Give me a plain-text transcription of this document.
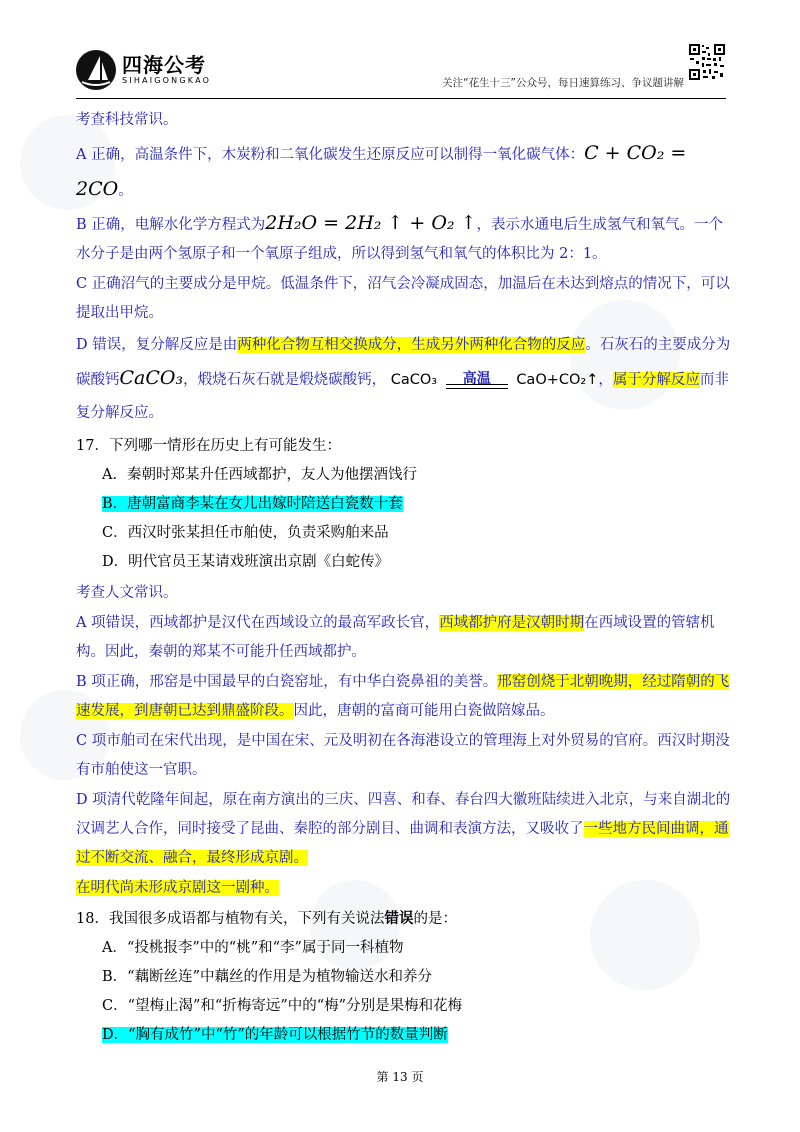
四海公考
SIHAIGONGKAO	关注“花生十三”公众号，每日速算练习、争议题讲解
考查科技常识。
A 正确，高温条件下，木炭粉和二氧化碳发生还原反应可以制得一氧化碳气体：C + CO₂ = 2CO。
B 正确，电解水化学方程式为2H₂O = 2H₂ ↑ + O₂ ↑，表示水通电后生成氢气和氧气。一个水分子是由两个氢原子和一个氧原子组成，所以得到氢气和氧气的体积比为 2：1。
C 正确沼气的主要成分是甲烷。低温条件下，沼气会冷凝成固态，加温后在未达到熔点的情况下，可以提取出甲烷。
D 错误，复分解反应是由两种化合物互相交换成分，生成另外两种化合物的反应。石灰石的主要成分为碳酸钙CaCO₃，煅烧石灰石就是煅烧碳酸钙， CaCO₃	高温	CaO+CO₂↑，属于分解反应而非复分解反应。
17．下列哪一情形在历史上有可能发生：
A．秦朝时郑某升任西域都护，友人为他摆酒饯行
B．唐朝富商李某在女儿出嫁时陪送白瓷数十套
C．西汉时张某担任市舶使，负责采购舶来品
D．明代官员王某请戏班演出京剧《白蛇传》
考查人文常识。
A 项错误，西域都护是汉代在西域设立的最高军政长官，西域都护府是汉朝时期在西域设置的管辖机构。因此，秦朝的郑某不可能升任西域都护。
B 项正确，邢窑是中国最早的白瓷窑址，有中华白瓷鼻祖的美誉。邢窑创烧于北朝晚期，经过隋朝的飞速发展，到唐朝已达到鼎盛阶段。因此，唐朝的富商可能用白瓷做陪嫁品。
C 项市舶司在宋代出现，是中国在宋、元及明初在各海港设立的管理海上对外贸易的官府。西汉时期没有市舶使这一官职。
D 项清代乾隆年间起，原在南方演出的三庆、四喜、和春、春台四大徽班陆续进入北京，与来自湖北的汉调艺人合作，同时接受了昆曲、秦腔的部分剧目、曲调和表演方法，又吸收了一些地方民间曲调，通过不断交流、融合，最终形成京剧。
在明代尚未形成京剧这一剧种。
18．我国很多成语都与植物有关，下列有关说法错误的是：
A．“投桃报李”中的“桃”和“李”属于同一科植物
B．“藕断丝连”中藕丝的作用是为植物输送水和养分
C．“望梅止渴”和“折梅寄远”中的“梅”分别是果梅和花梅
D．“胸有成竹”中“竹”的年龄可以根据竹节的数量判断
第 13 页
